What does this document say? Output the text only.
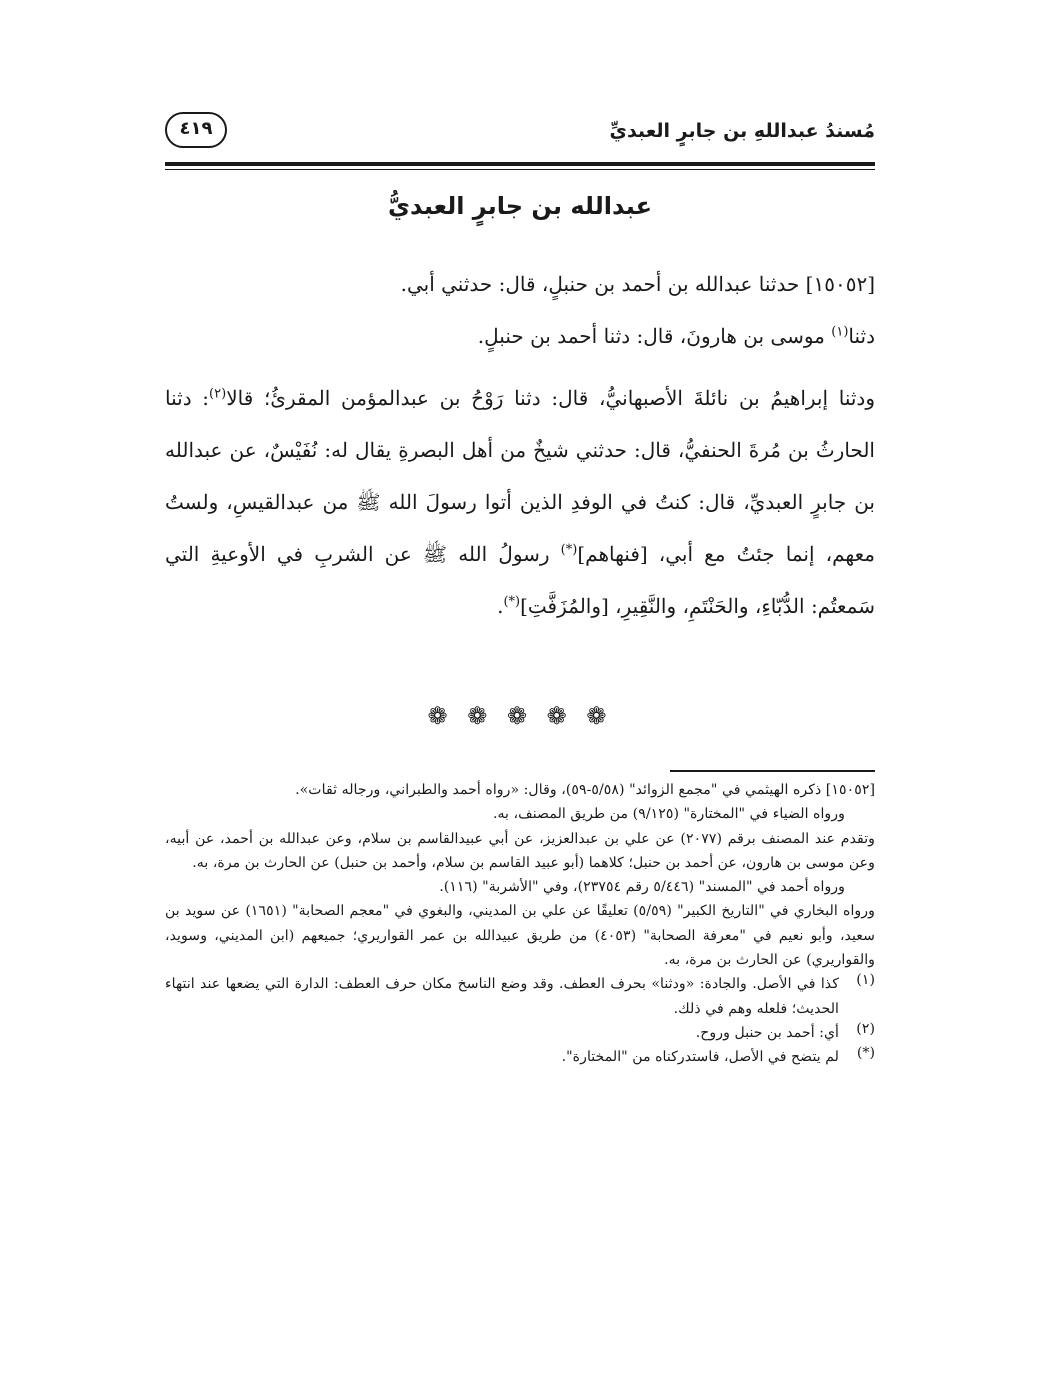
مُسندُ عبداللهِ بن جابرٍ العبديِّ
٤١٩
عبدالله بن جابرٍ العبديُّ

[١٥٠٥٢] حدثنا عبدالله بن أحمد بن حنبلٍ، قال: حدثني أبي.

دثنا$^{(١)}$ موسى بن هارونَ، قال: دثنا أحمد بن حنبلٍ.

ودثنا إبراهيمُ بن نائلةَ الأصبهانيُّ، قال: دثنا رَوْحُ بن عبدالمؤمن المقرئُ؛ قالا$^{(٢)}$: دثنا الحارثُ بن مُرةَ الحنفيُّ، قال: حدثني شيخٌ من أهل البصرةِ يقال له: نُفَيْسٌ، عن عبدالله بن جابرٍ العبديِّ، قال: كنتُ في الوفدِ الذين أتوا رسولَ الله ﷺ من عبدالقيسِ، ولستُ معهم، إنما جئتُ مع أبي، [فنهاهم](*) رسولُ الله ﷺ عن الشربِ في الأوعيةِ التي سَمعتُم: الدُّبّاءِ، والحَنْتَمِ، والنَّقِيرِ، [والمُزَفَّتِ](*).

❁ ❁ ❁ ❁ ❁

[١٥٠٥٢] ذكره الهيثمي في "مجمع الزوائد" (٥/٥٨-٥٩)، وقال: «رواه أحمد والطبراني، ورجاله ثقات».

ورواه الضياء في "المختارة" (٩/١٢٥) من طريق المصنف، به.

وتقدم عند المصنف برقم (٢٠٧٧) عن علي بن عبدالعزيز، عن أبي عبيدالقاسم بن سلام، وعن عبدالله بن أحمد، عن أبيه، وعن موسى بن هارون، عن أحمد بن حنبل؛ كلاهما (أبو عبيد القاسم بن سلام، وأحمد بن حنبل) عن الحارث بن مرة، به.

ورواه أحمد في "المسند" (٥/٤٤٦ رقم ٢٣٧٥٤)، وفي "الأشربة" (١١٦).

ورواه البخاري في "التاريخ الكبير" (٥/٥٩) تعليقًا عن علي بن المديني، والبغوي في "معجم الصحابة" (١٦٥١) عن سويد بن سعيد، وأبو نعيم في "معرفة الصحابة" (٤٠٥٣) من طريق عبيدالله بن عمر القواريري؛ جميعهم (ابن المديني، وسويد، والقواريري) عن الحارث بن مرة، به.

(١)

كذا في الأصل. والجادة: «ودثنا» بحرف العطف. وقد وضع الناسخ مكان حرف العطف: الدارة التي يضعها عند انتهاء الحديث؛ فلعله وهم في ذلك.

(٢)

أي: أحمد بن حنبل وروح.

(*)

لم يتضح في الأصل، فاستدركناه من "المختارة".
